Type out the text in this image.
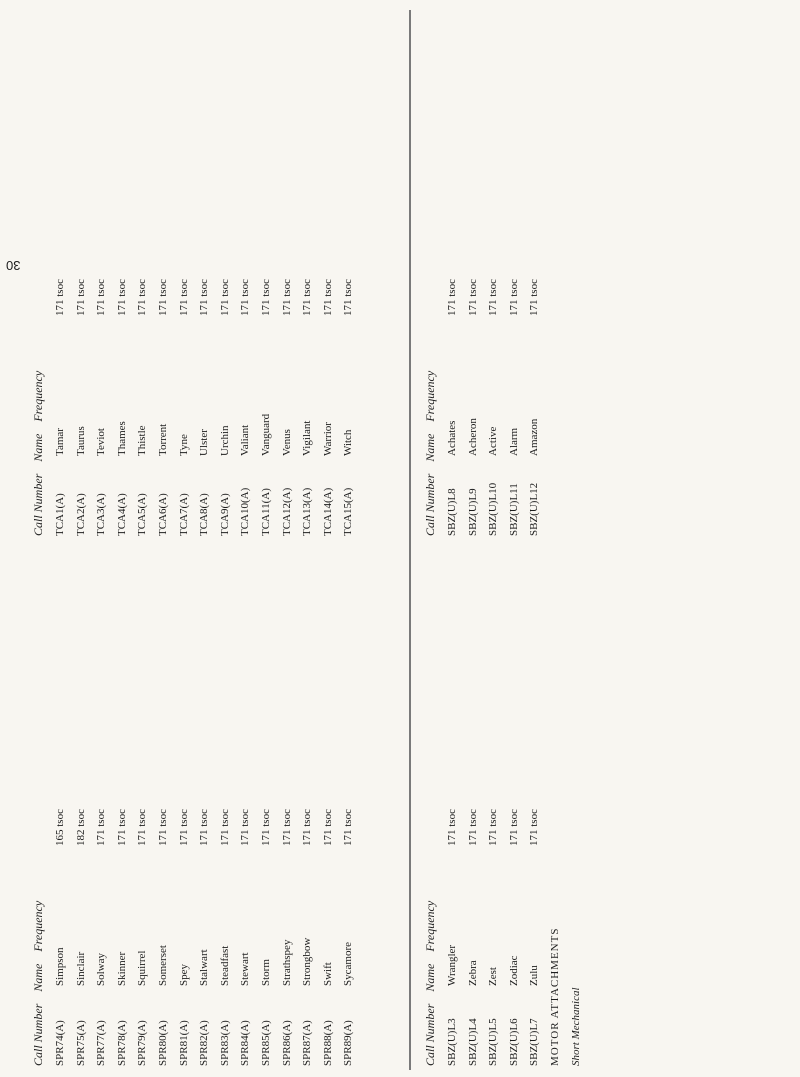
30
Call Number    Name    Frequency
SPR74(A)
Simpson
165 tsoc
SPR75(A)
Sinclair
182 tsoc
SPR77(A)
Solway
171 tsoc
SPR78(A)
Skinner
171 tsoc
SPR79(A)
Squirrel
171 tsoc
SPR80(A)
Somerset
171 tsoc
SPR81(A)
Spey
171 tsoc
SPR82(A)
Stalwart
171 tsoc
SPR83(A)
Steadfast
171 tsoc
SPR84(A)
Stewart
171 tsoc
SPR85(A)
Storm
171 tsoc
SPR86(A)
Strathspey
171 tsoc
SPR87(A)
Strongbow
171 tsoc
SPR88(A)
Swift
171 tsoc
SPR89(A)
Sycamore
171 tsoc
Call Number    Name    Frequency
TCA1(A)
Tamar
171 tsoc
TCA2(A)
Taurus
171 tsoc
TCA3(A)
Teviot
171 tsoc
TCA4(A)
Thames
171 tsoc
TCA5(A)
Thistle
171 tsoc
TCA6(A)
Torrent
171 tsoc
TCA7(A)
Tyne
171 tsoc
TCA8(A)
Ulster
171 tsoc
TCA9(A)
Urchin
171 tsoc
TCA10(A)
Valiant
171 tsoc
TCA11(A)
Vanguard
171 tsoc
TCA12(A)
Venus
171 tsoc
TCA13(A)
Vigilant
171 tsoc
TCA14(A)
Warrior
171 tsoc
TCA15(A)
Witch
171 tsoc
Call Number    Name    Frequency
SBZ(U)L3
Wrangler
171 tsoc
SBZ(U)L4
Zebra
171 tsoc
SBZ(U)L5
Zest
171 tsoc
SBZ(U)L6
Zodiac
171 tsoc
SBZ(U)L7
Zulu
171 tsoc
MOTOR ATTACHMENTS Short Mechanical
Call Number    Name    Frequency
SBZ(U)L8
Achates
171 tsoc
SBZ(U)L9
Acheron
171 tsoc
SBZ(U)L10
Active
171 tsoc
SBZ(U)L11
Alarm
171 tsoc
SBZ(U)L12
Amazon
171 tsoc
